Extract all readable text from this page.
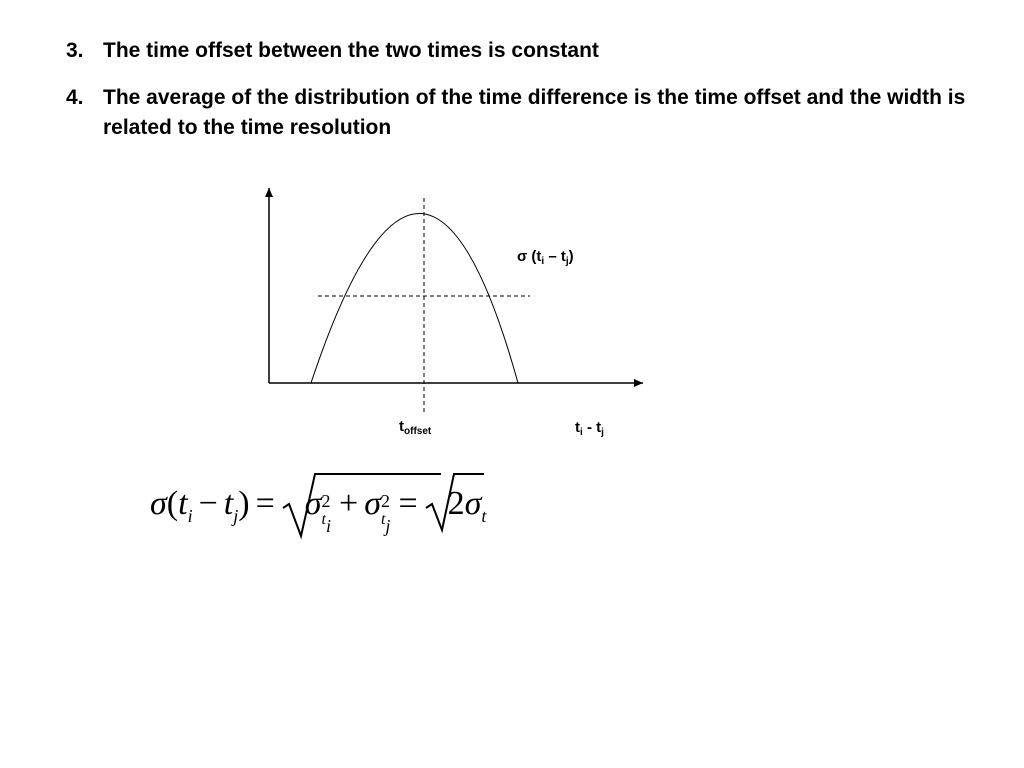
3. The time offset between the two times is constant
4. The average of the distribution of the time difference is the time offset and the width is related to the time resolution
σ $(t_i - t_j)$
$t_{offset}$	$t_i - t_j$
$\sigma(t_i - t_j) = \sigma$ 2
$t_i$
+ σ 2
$t_j$
= $2\sigma_t$
